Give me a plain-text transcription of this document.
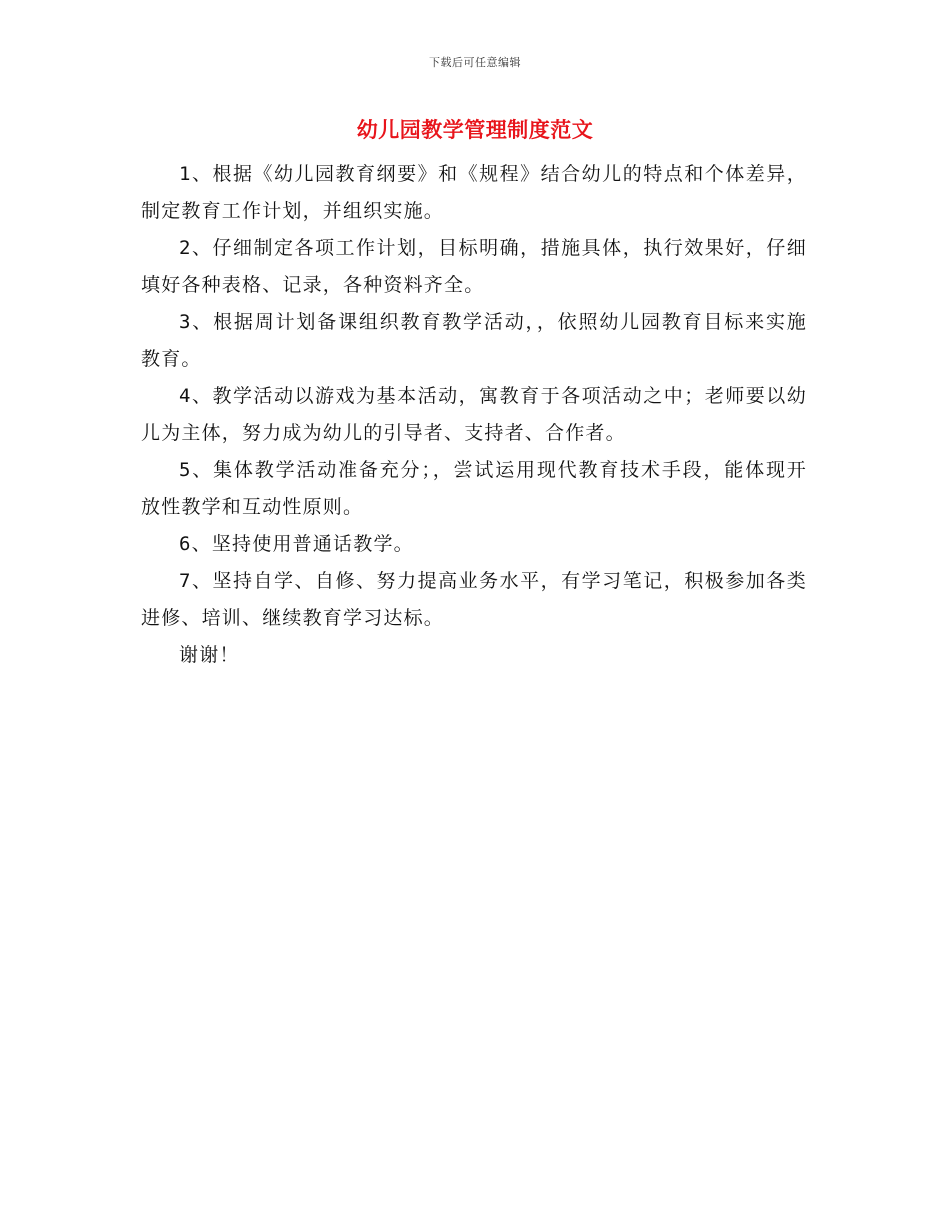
下载后可任意编辑
幼儿园教学管理制度范文

1、根据《幼儿园教育纲要》和《规程》结合幼儿的特点和个体差异，制定教育工作计划，并组织实施。

2、仔细制定各项工作计划，目标明确，措施具体，执行效果好，仔细填好各种表格、记录，各种资料齐全。

3、根据周计划备课组织教育教学活动，，依照幼儿园教育目标来实施教育。

4、教学活动以游戏为基本活动，寓教育于各项活动之中；老师要以幼儿为主体，努力成为幼儿的引导者、支持者、合作者。

5、集体教学活动准备充分；，尝试运用现代教育技术手段，能体现开放性教学和互动性原则。

6、坚持使用普通话教学。

7、坚持自学、自修、努力提高业务水平，有学习笔记，积极参加各类进修、培训、继续教育学习达标。

谢谢！
